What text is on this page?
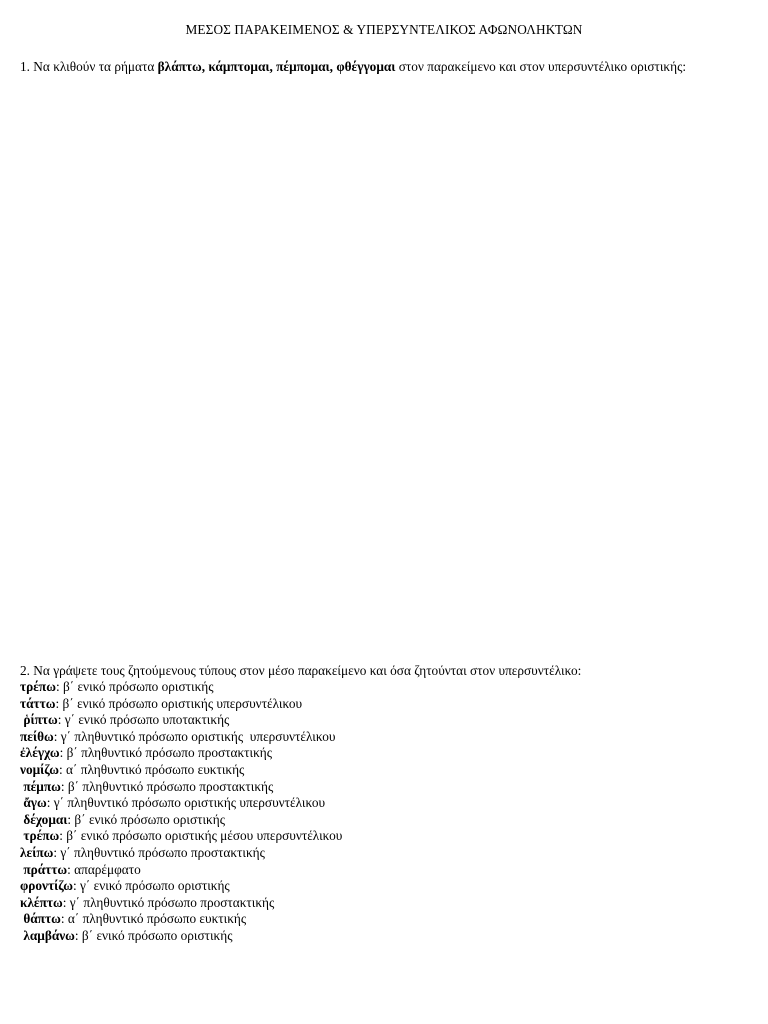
ΜΕΣΟΣ ΠΑΡΑΚΕΙΜΕΝΟΣ & ΥΠΕΡΣΥΝΤΕΛΙΚΟΣ ΑΦΩΝΟΛΗΚΤΩΝ
1. Να κλιθούν τα ρήματα βλάπτω, κάμπτομαι, πέμπομαι, φθέγγομαι στον παρακείμενο και στον υπερσυντέλικο οριστικής:
2. Να γράψετε τους ζητούμενους τύπους στον μέσο παρακείμενο και όσα ζητούνται στον υπερσυντέλικο:
τρέπω: β΄ ενικό πρόσωπο οριστικής
τάττω: β΄ ενικό πρόσωπο οριστικής υπερσυντέλικου
ῥίπτω: γ΄ ενικό πρόσωπο υποτακτικής
πείθω: γ΄ πληθυντικό πρόσωπο οριστικής  υπερσυντέλικου
ἐλέγχω: β΄ πληθυντικό πρόσωπο προστακτικής
νομίζω: α΄ πληθυντικό πρόσωπο ευκτικής
πέμπω: β΄ πληθυντικό πρόσωπο προστακτικής
ἄγω: γ΄ πληθυντικό πρόσωπο οριστικής υπερσυντέλικου
δέχομαι: β΄ ενικό πρόσωπο οριστικής
τρέπω: β΄ ενικό πρόσωπο οριστικής μέσου υπερσυντέλικου
λείπω: γ΄ πληθυντικό πρόσωπο προστακτικής
πράττω: απαρέμφατο
φροντίζω: γ΄ ενικό πρόσωπο οριστικής
κλέπτω: γ΄ πληθυντικό πρόσωπο προστακτικής
θάπτω: α΄ πληθυντικό πρόσωπο ευκτικής
λαμβάνω: β΄ ενικό πρόσωπο οριστικής
